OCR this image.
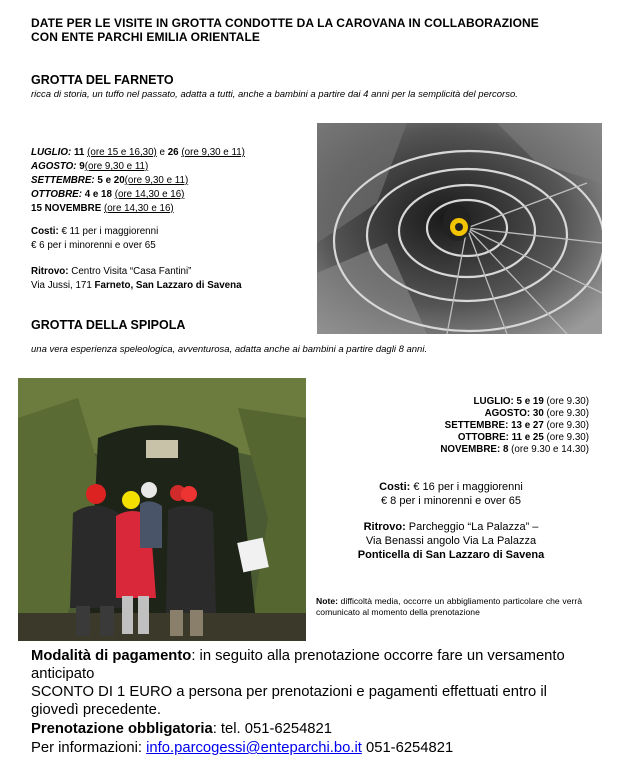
DATE PER LE VISITE IN GROTTA CONDOTTE DA LA CAROVANA IN COLLABORAZIONE
CON ENTE PARCHI EMILIA ORIENTALE
GROTTA DEL FARNETO
ricca di storia, un tuffo nel passato, adatta a tutti, anche a bambini a partire dai 4 anni per la semplicità del percorso.
LUGLIO: 11 (ore 15 e 16,30) e 26 (ore 9,30 e 11)
AGOSTO: 9(ore 9,30 e 11)
SETTEMBRE: 5 e 20(ore 9,30 e 11)
OTTOBRE: 4 e 18 (ore 14,30 e 16)
15 NOVEMBRE (ore 14,30 e 16)
Costi: € 11 per i maggiorenni
€ 6 per i minorenni e over 65
Ritrovo: Centro Visita “Casa Fantini”
Via Jussi, 171 Farneto, San Lazzaro di Savena
GROTTA DELLA SPIPOLA
una vera esperienza speleologica, avventurosa, adatta anche ai bambini a partire dagli 8 anni.
LUGLIO: 5 e 19 (ore 9.30)
AGOSTO: 30 (ore 9.30)
SETTEMBRE: 13 e 27 (ore 9.30)
OTTOBRE: 11 e 25 (ore 9.30)
NOVEMBRE: 8 (ore 9.30 e 14.30)
Costi: € 16 per i maggiorenni
€ 8 per i minorenni e over 65
Ritrovo: Parcheggio “La Palazza” –
Via Benassi angolo Via La Palazza
Ponticella di San Lazzaro di Savena
Note: difficoltà media, occorre un abbigliamento particolare che verrà comunicato al momento della prenotazione
Modalità di pagamento: in seguito alla prenotazione occorre fare un versamento anticipato
SCONTO DI 1 EURO a persona per prenotazioni e pagamenti effettuati entro il giovedì precedente.
Prenotazione obbligatoria: tel. 051-6254821
Per informazioni: info.parcogessi@enteparchi.bo.it 051-6254821
